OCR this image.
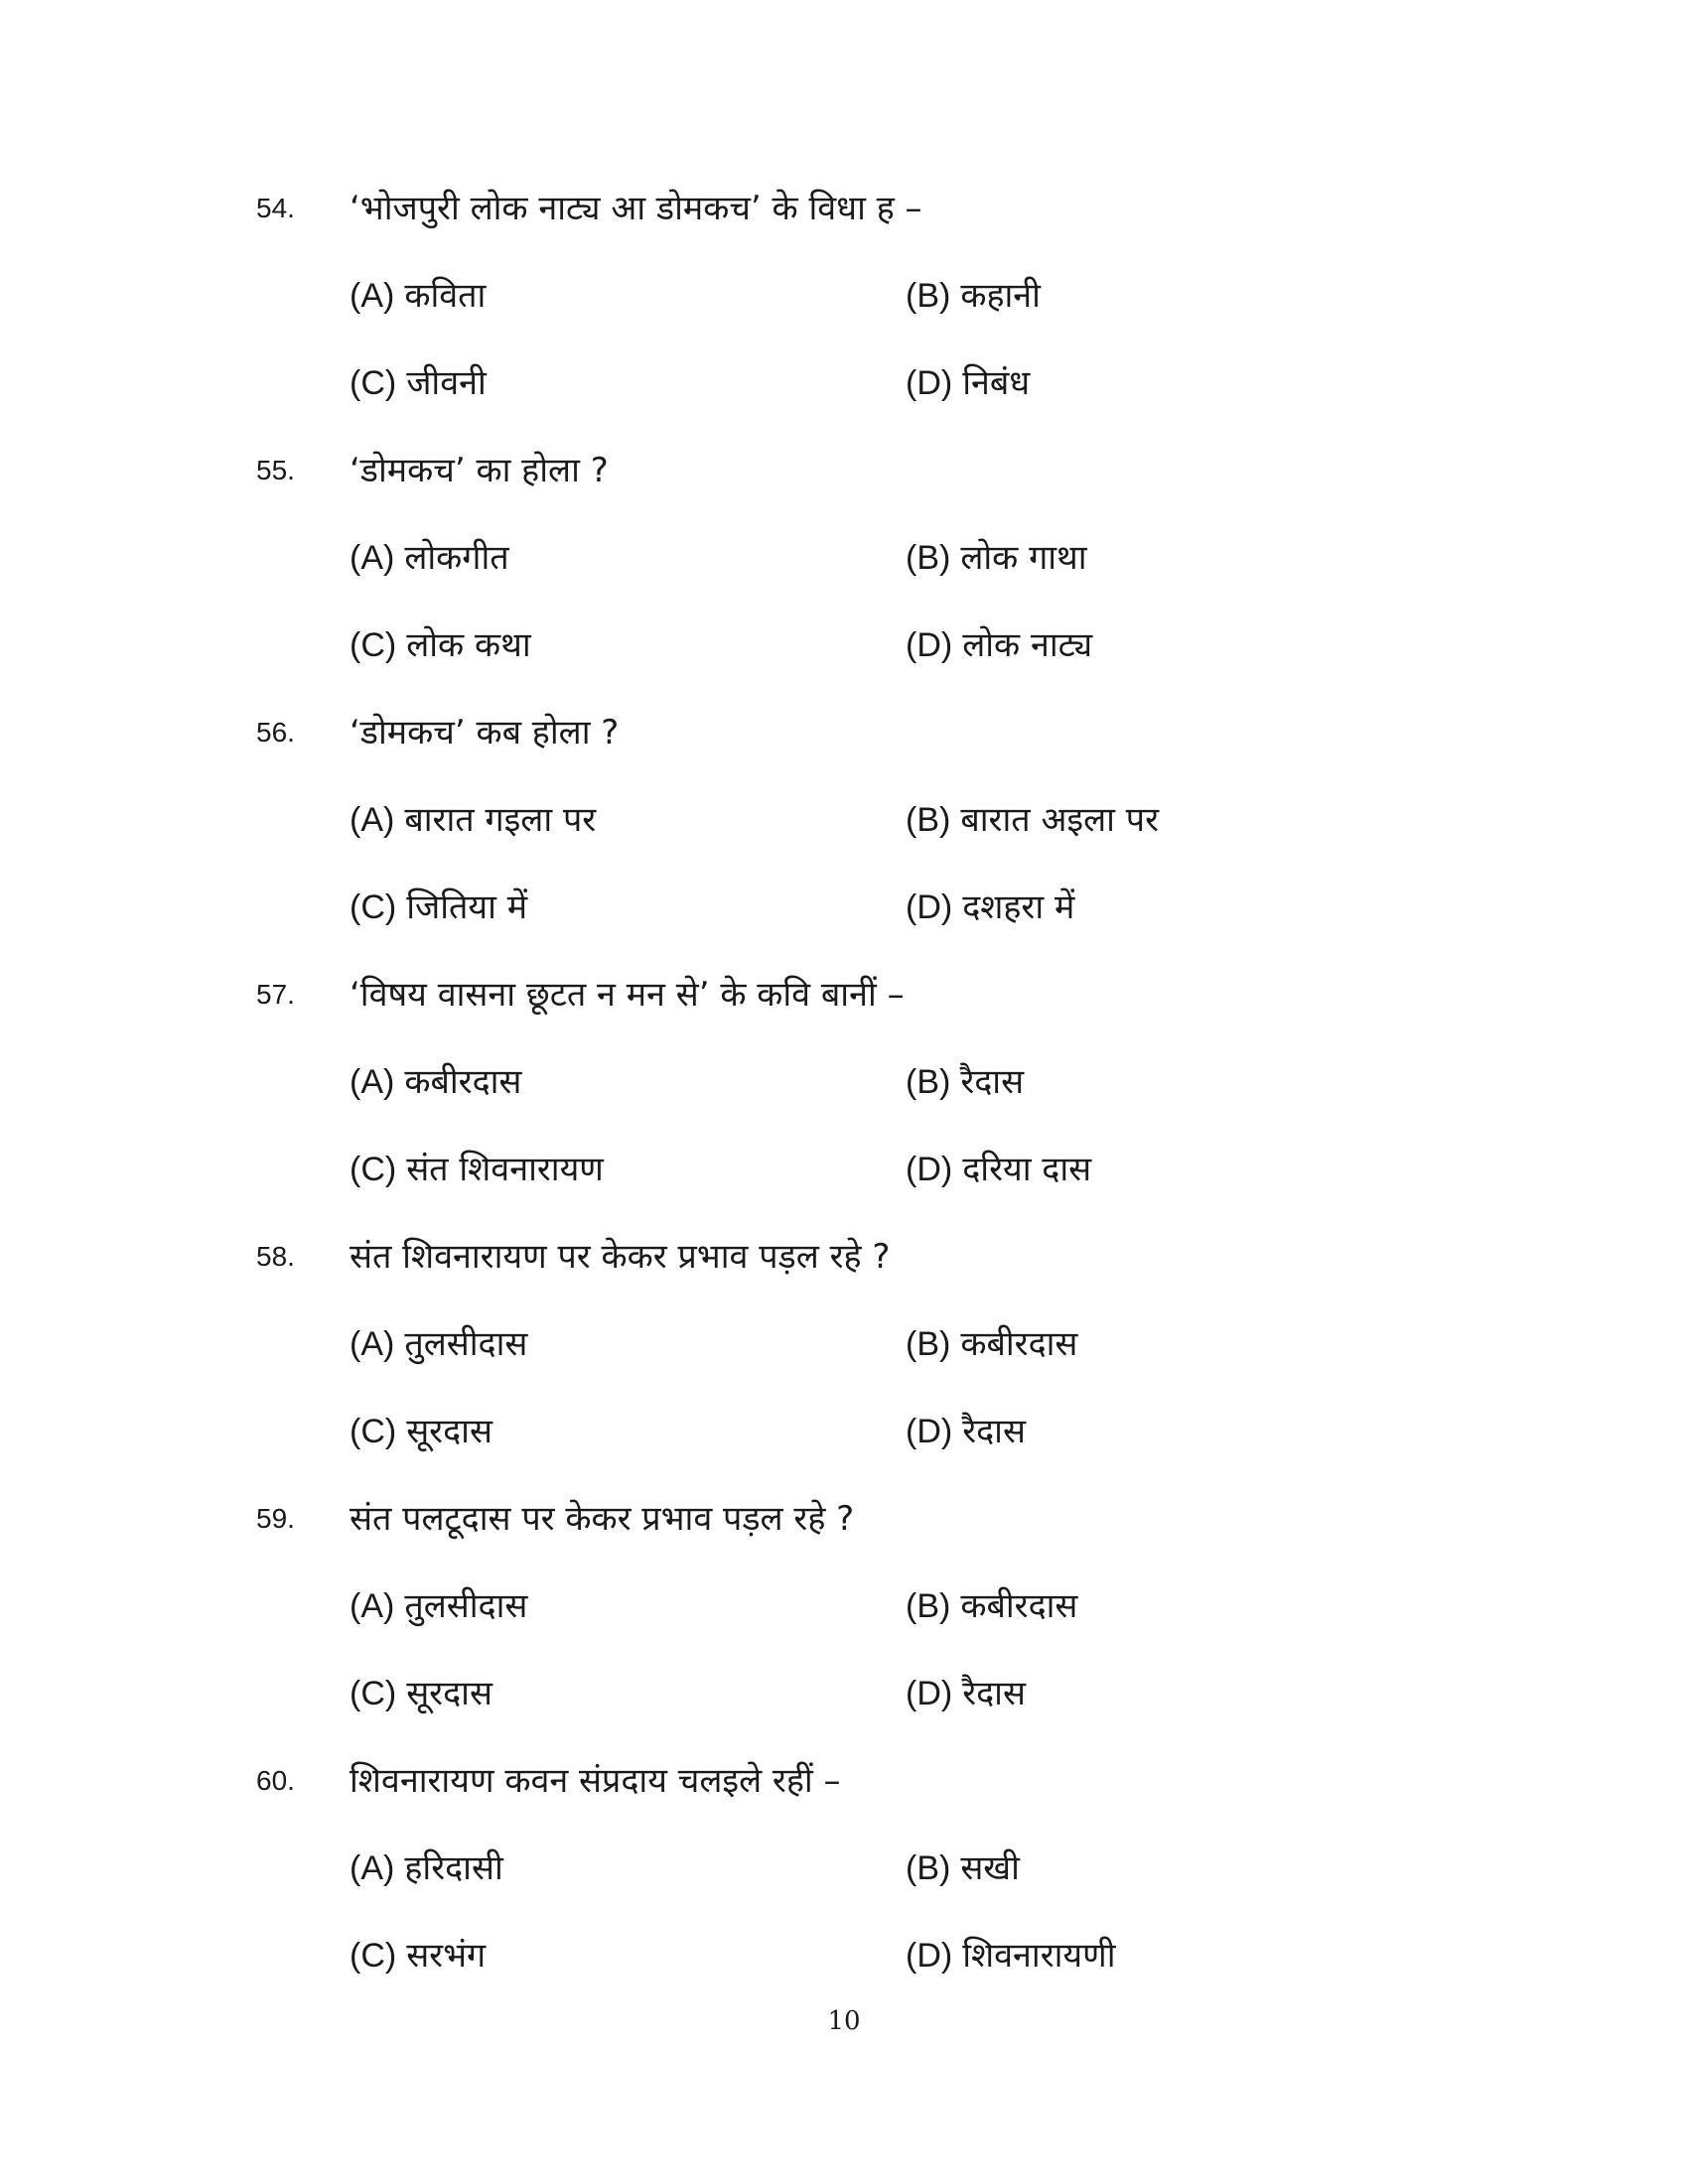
54. ‘भोजपुरी लोक नाट्य आ डोमकच’ के विधा ह –
(A) कविता	(B) कहानी
(C) जीवनी	(D) निबंध
55. ‘डोमकच’ का होला ?
(A) लोकगीत	(B) लोक गाथा
(C) लोक कथा	(D) लोक नाट्य
56. ‘डोमकच’ कब होला ?
(A) बारात गइला पर	(B) बारात अइला पर
(C) जितिया में	(D) दशहरा में
57. ‘विषय वासना छूटत न मन से’ के कवि बानीं –
(A) कबीरदास	(B) रैदास
(C) संत शिवनारायण	(D) दरिया दास
58. संत शिवनारायण पर केकर प्रभाव पड़ल रहे ?
(A) तुलसीदास	(B) कबीरदास
(C) सूरदास	(D) रैदास
59. संत पलटूदास पर केकर प्रभाव पड़ल रहे ?
(A) तुलसीदास	(B) कबीरदास
(C) सूरदास	(D) रैदास
60. शिवनारायण कवन संप्रदाय चलइले रहीं –
(A) हरिदासी	(B) सखी
(C) सरभंग	(D) शिवनारायणी
10
